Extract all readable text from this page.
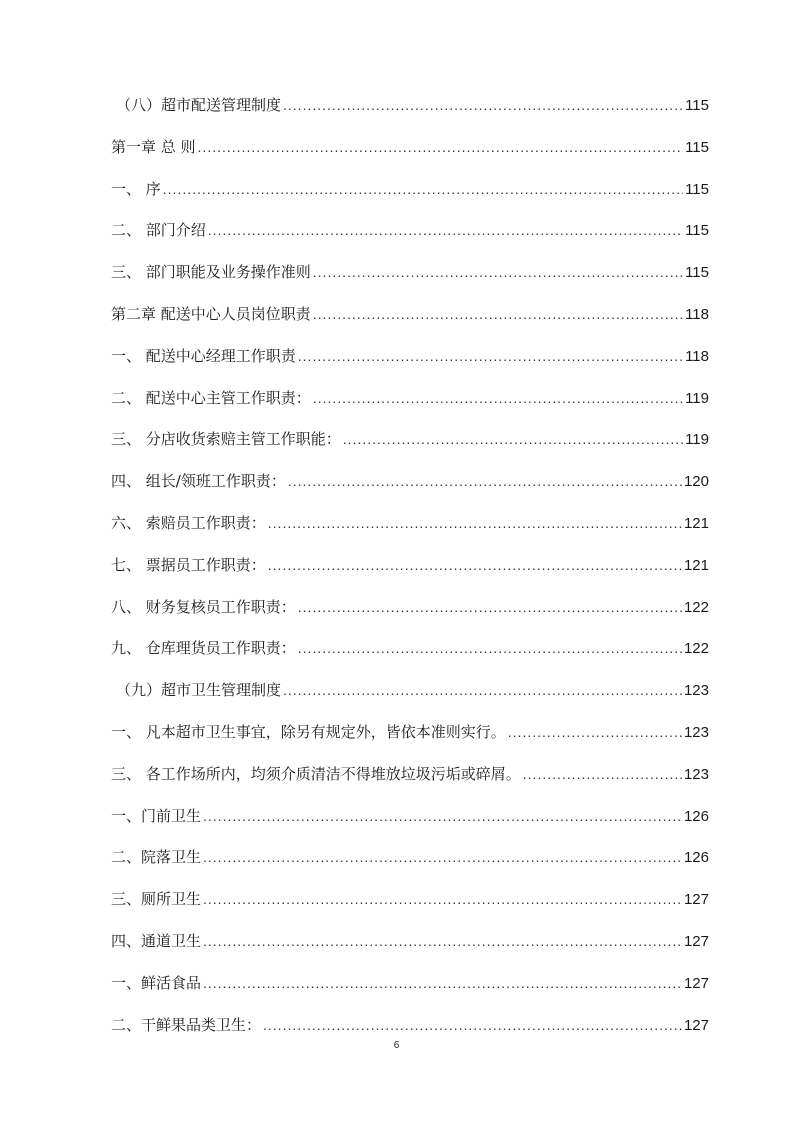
（八）超市配送管理制度 .....	115
第一章 总 则 .....	115
一、 序 .....	115
二、 部门介绍 .....	115
三、 部门职能及业务操作准则 .....	115
第二章 配送中心人员岗位职责 .....	118
一、 配送中心经理工作职责 .....	118
二、 配送中心主管工作职责： .....	119
三、 分店收货索赔主管工作职能： .....	119
四、 组长/领班工作职责： .....	120
六、 索赔员工作职责： .....	121
七、 票据员工作职责： .....	121
八、 财务复核员工作职责： .....	122
九、 仓库理货员工作职责： .....	122
（九）超市卫生管理制度 .....	123
一、 凡本超市卫生事宜，除另有规定外，皆依本准则实行。 .....	123
三、 各工作场所内，均须介质清洁不得堆放垃圾污垢或碎屑。 .....	123
一、门前卫生 .....	126
二、院落卫生 .....	126
三、厕所卫生 .....	127
四、通道卫生 .....	127
一、鲜活食品 .....	127
二、干鲜果品类卫生： .....	127
6
